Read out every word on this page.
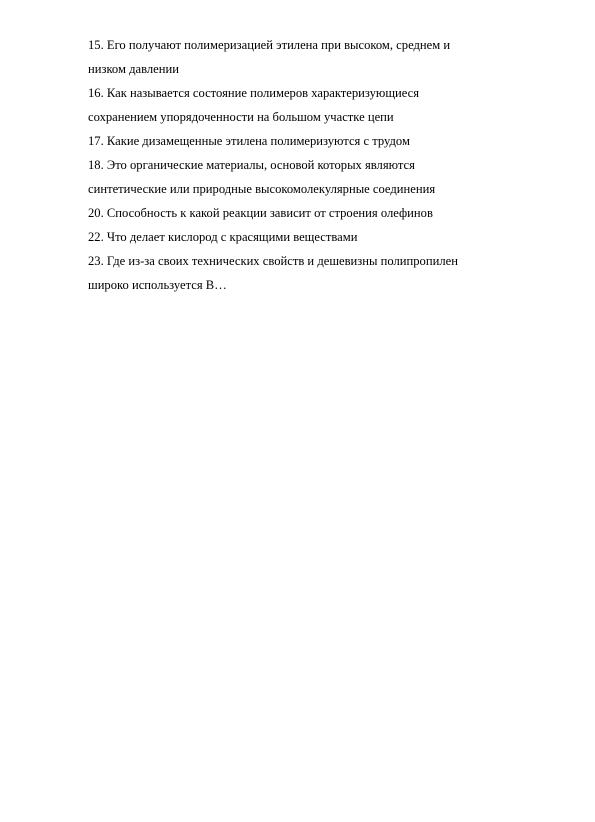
15. Его получают полимеризацией этилена при высоком, среднем и
низком давлении

16. Как называется состояние полимеров характеризующиеся
сохранением упорядоченности на большом участке цепи

17. Какие дизамещенные этилена полимеризуются с трудом

18. Это органические материалы, основой которых являются
синтетические или природные высокомолекулярные соединения

20. Способность к какой реакции зависит от строения олефинов

22. Что делает кислород с красящими веществами

23. Где из-за своих технических свойств и дешевизны полипропилен
широко используется В…
